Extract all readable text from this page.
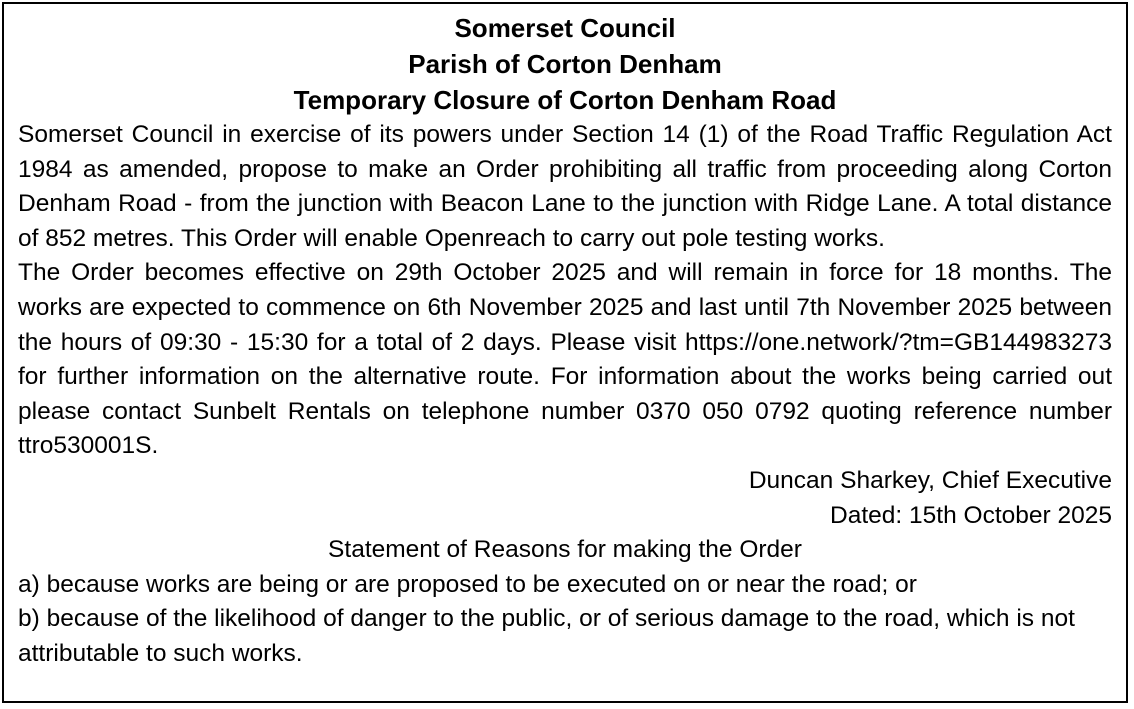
Somerset Council

Parish of Corton Denham

Temporary Closure of Corton Denham Road

Somerset Council in exercise of its powers under Section 14 (1) of the Road Traffic Regulation Act 1984 as amended, propose to make an Order prohibiting all traffic from proceeding along Corton Denham Road - from the junction with Beacon Lane to the junction with Ridge Lane. A total distance of 852 metres. This Order will enable Openreach to carry out pole testing works.

The Order becomes effective on 29th October 2025 and will remain in force for 18 months. The works are expected to commence on 6th November 2025 and last until 7th November 2025 between the hours of 09:30 - 15:30 for a total of 2 days. Please visit https://one.network/?tm=GB144983273 for further information on the alternative route. For information about the works being carried out please contact Sunbelt Rentals on telephone number 0370 050 0792 quoting reference number ttro530001S.

Duncan Sharkey, Chief Executive

Dated: 15th October 2025

Statement of Reasons for making the Order

a) because works are being or are proposed to be executed on or near the road; or

b) because of the likelihood of danger to the public, or of serious damage to the road, which is not attributable to such works.
